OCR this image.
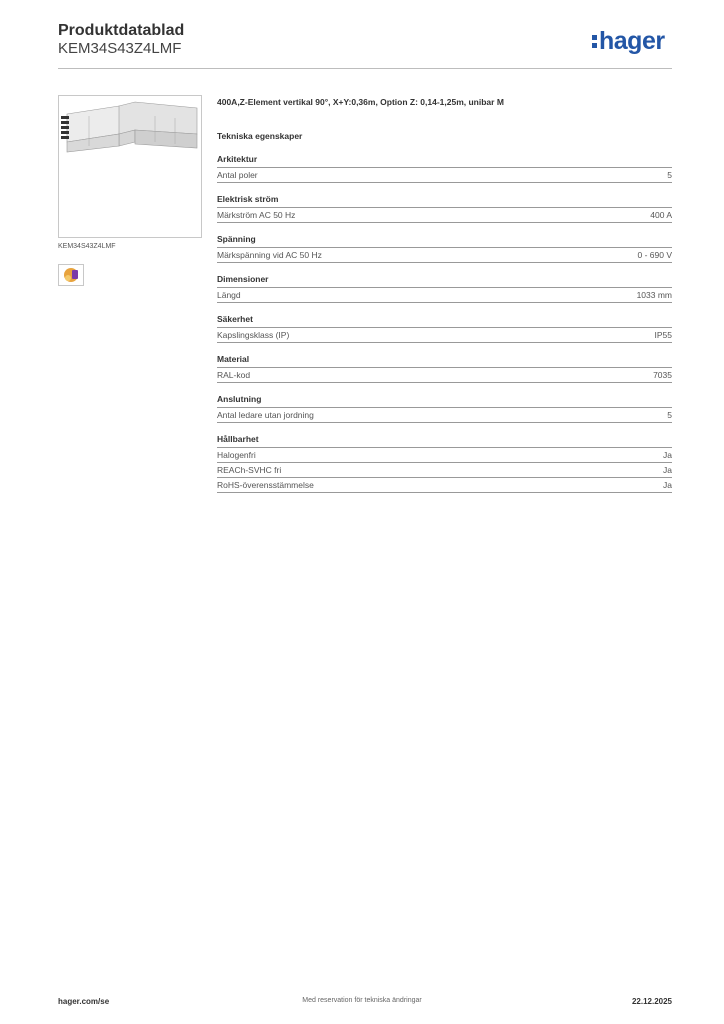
Produktdatablad
KEM34S43Z4LMF	hager
KEM34S43Z4LMF
400A,Z-Element vertikal 90°, X+Y:0,36m, Option Z: 0,14-1,25m, unibar M
Tekniska egenskaper
Arkitektur
Antal poler	5
Elektrisk ström
Märkström AC 50 Hz	400 A
Spänning
Märkspänning vid AC 50 Hz	0 - 690 V
Dimensioner
Längd	1033 mm
Säkerhet
Kapslingsklass (IP)	IP55
Material
RAL-kod	7035
Anslutning
Antal ledare utan jordning	5
Hållbarhet
Halogenfri	Ja
REACh-SVHC fri	Ja
RoHS-överensstämmelse	Ja
hager.com/se	Med reservation för tekniska ändringar	22.12.2025
